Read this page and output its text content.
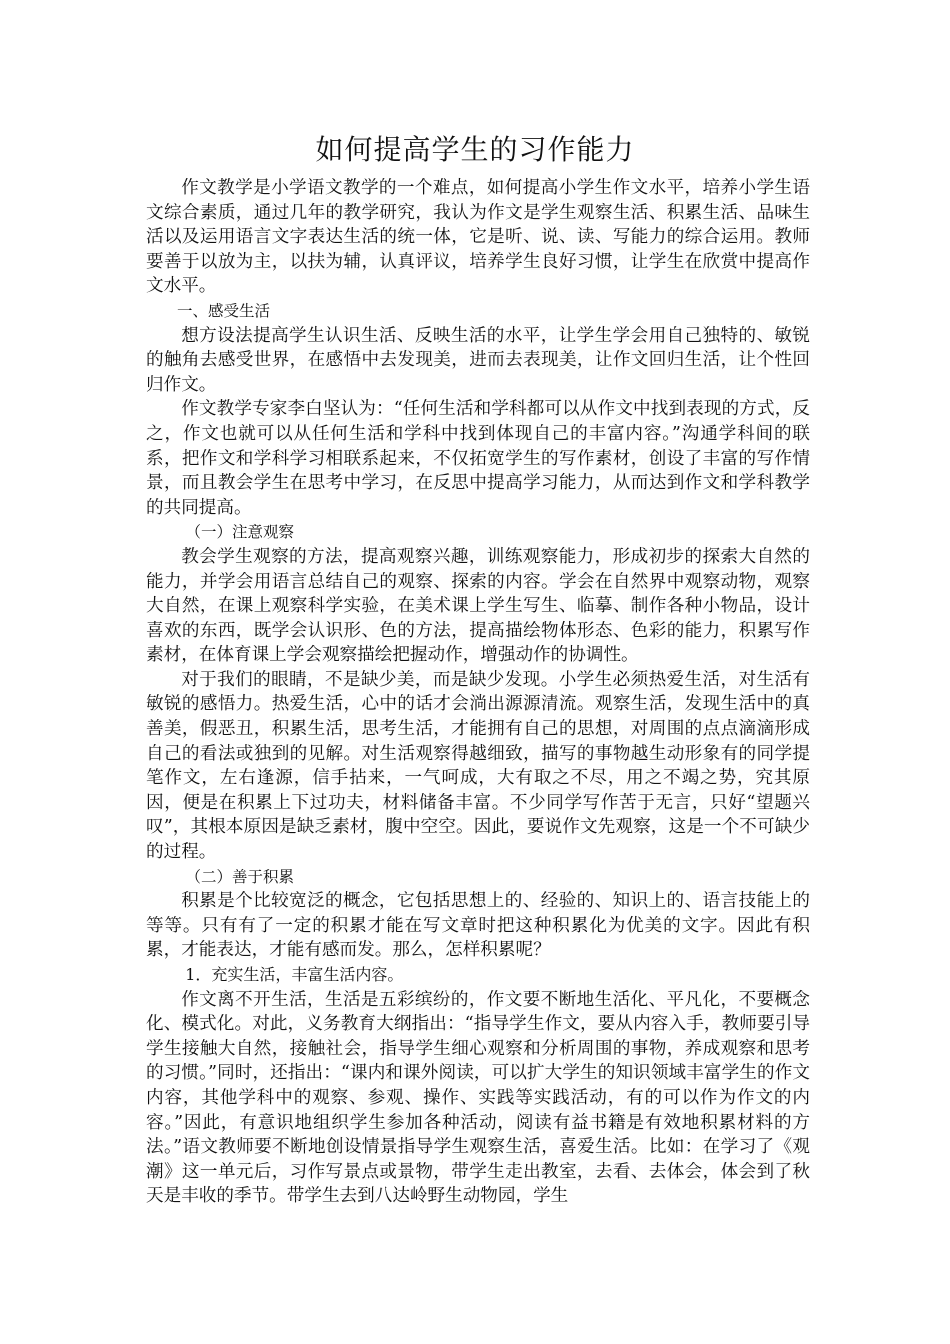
如何提高学生的习作能力

作文教学是小学语文教学的一个难点，如何提高小学生作文水平，培养小学生语文综合素质，通过几年的教学研究，我认为作文是学生观察生活、积累生活、品味生活以及运用语言文字表达生活的统一体，它是听、说、读、写能力的综合运用。教师要善于以放为主，以扶为辅，认真评议，培养学生良好习惯，让学生在欣赏中提高作文水平。

一、感受生活

想方设法提高学生认识生活、反映生活的水平，让学生学会用自己独特的、敏锐的触角去感受世界，在感悟中去发现美，进而去表现美，让作文回归生活，让个性回归作文。

作文教学专家李白坚认为：“任何生活和学科都可以从作文中找到表现的方式，反之，作文也就可以从任何生活和学科中找到体现自己的丰富内容。”沟通学科间的联系，把作文和学科学习相联系起来，不仅拓宽学生的写作素材，创设了丰富的写作情景，而且教会学生在思考中学习，在反思中提高学习能力，从而达到作文和学科教学的共同提高。

（一）注意观察

教会学生观察的方法，提高观察兴趣，训练观察能力，形成初步的探索大自然的能力，并学会用语言总结自己的观察、探索的内容。学会在自然界中观察动物，观察大自然，在课上观察科学实验，在美术课上学生写生、临摹、制作各种小物品，设计喜欢的东西，既学会认识形、色的方法，提高描绘物体形态、色彩的能力，积累写作素材，在体育课上学会观察描绘把握动作，增强动作的协调性。

对于我们的眼睛，不是缺少美，而是缺少发现。小学生必须热爱生活，对生活有敏锐的感悟力。热爱生活，心中的话才会淌出源源清流。观察生活，发现生活中的真善美，假恶丑，积累生活，思考生活，才能拥有自己的思想，对周围的点点滴滴形成自己的看法或独到的见解。对生活观察得越细致，描写的事物越生动形象有的同学提笔作文，左右逢源，信手拈来，一气呵成，大有取之不尽，用之不竭之势，究其原因，便是在积累上下过功夫，材料储备丰富。不少同学写作苦于无言，只好“望题兴叹”，其根本原因是缺乏素材，腹中空空。因此，要说作文先观察，这是一个不可缺少的过程。

（二）善于积累

积累是个比较宽泛的概念，它包括思想上的、经验的、知识上的、语言技能上的等等。只有有了一定的积累才能在写文章时把这种积累化为优美的文字。因此有积累，才能表达，才能有感而发。那么，怎样积累呢？

1．充实生活，丰富生活内容。

作文离不开生活，生活是五彩缤纷的，作文要不断地生活化、平凡化，不要概念化、模式化。对此，义务教育大纲指出：“指导学生作文，要从内容入手，教师要引导学生接触大自然，接触社会，指导学生细心观察和分析周围的事物，养成观察和思考的习惯。”同时，还指出：“课内和课外阅读，可以扩大学生的知识领域丰富学生的作文内容，其他学科中的观察、参观、操作、实践等实践活动，有的可以作为作文的内容。”因此，有意识地组织学生参加各种活动，阅读有益书籍是有效地积累材料的方法。”语文教师要不断地创设情景指导学生观察生活，喜爱生活。比如：在学习了《观潮》这一单元后，习作写景点或景物，带学生走出教室，去看、去体会，体会到了秋天是丰收的季节。带学生去到八达岭野生动物园，学生
